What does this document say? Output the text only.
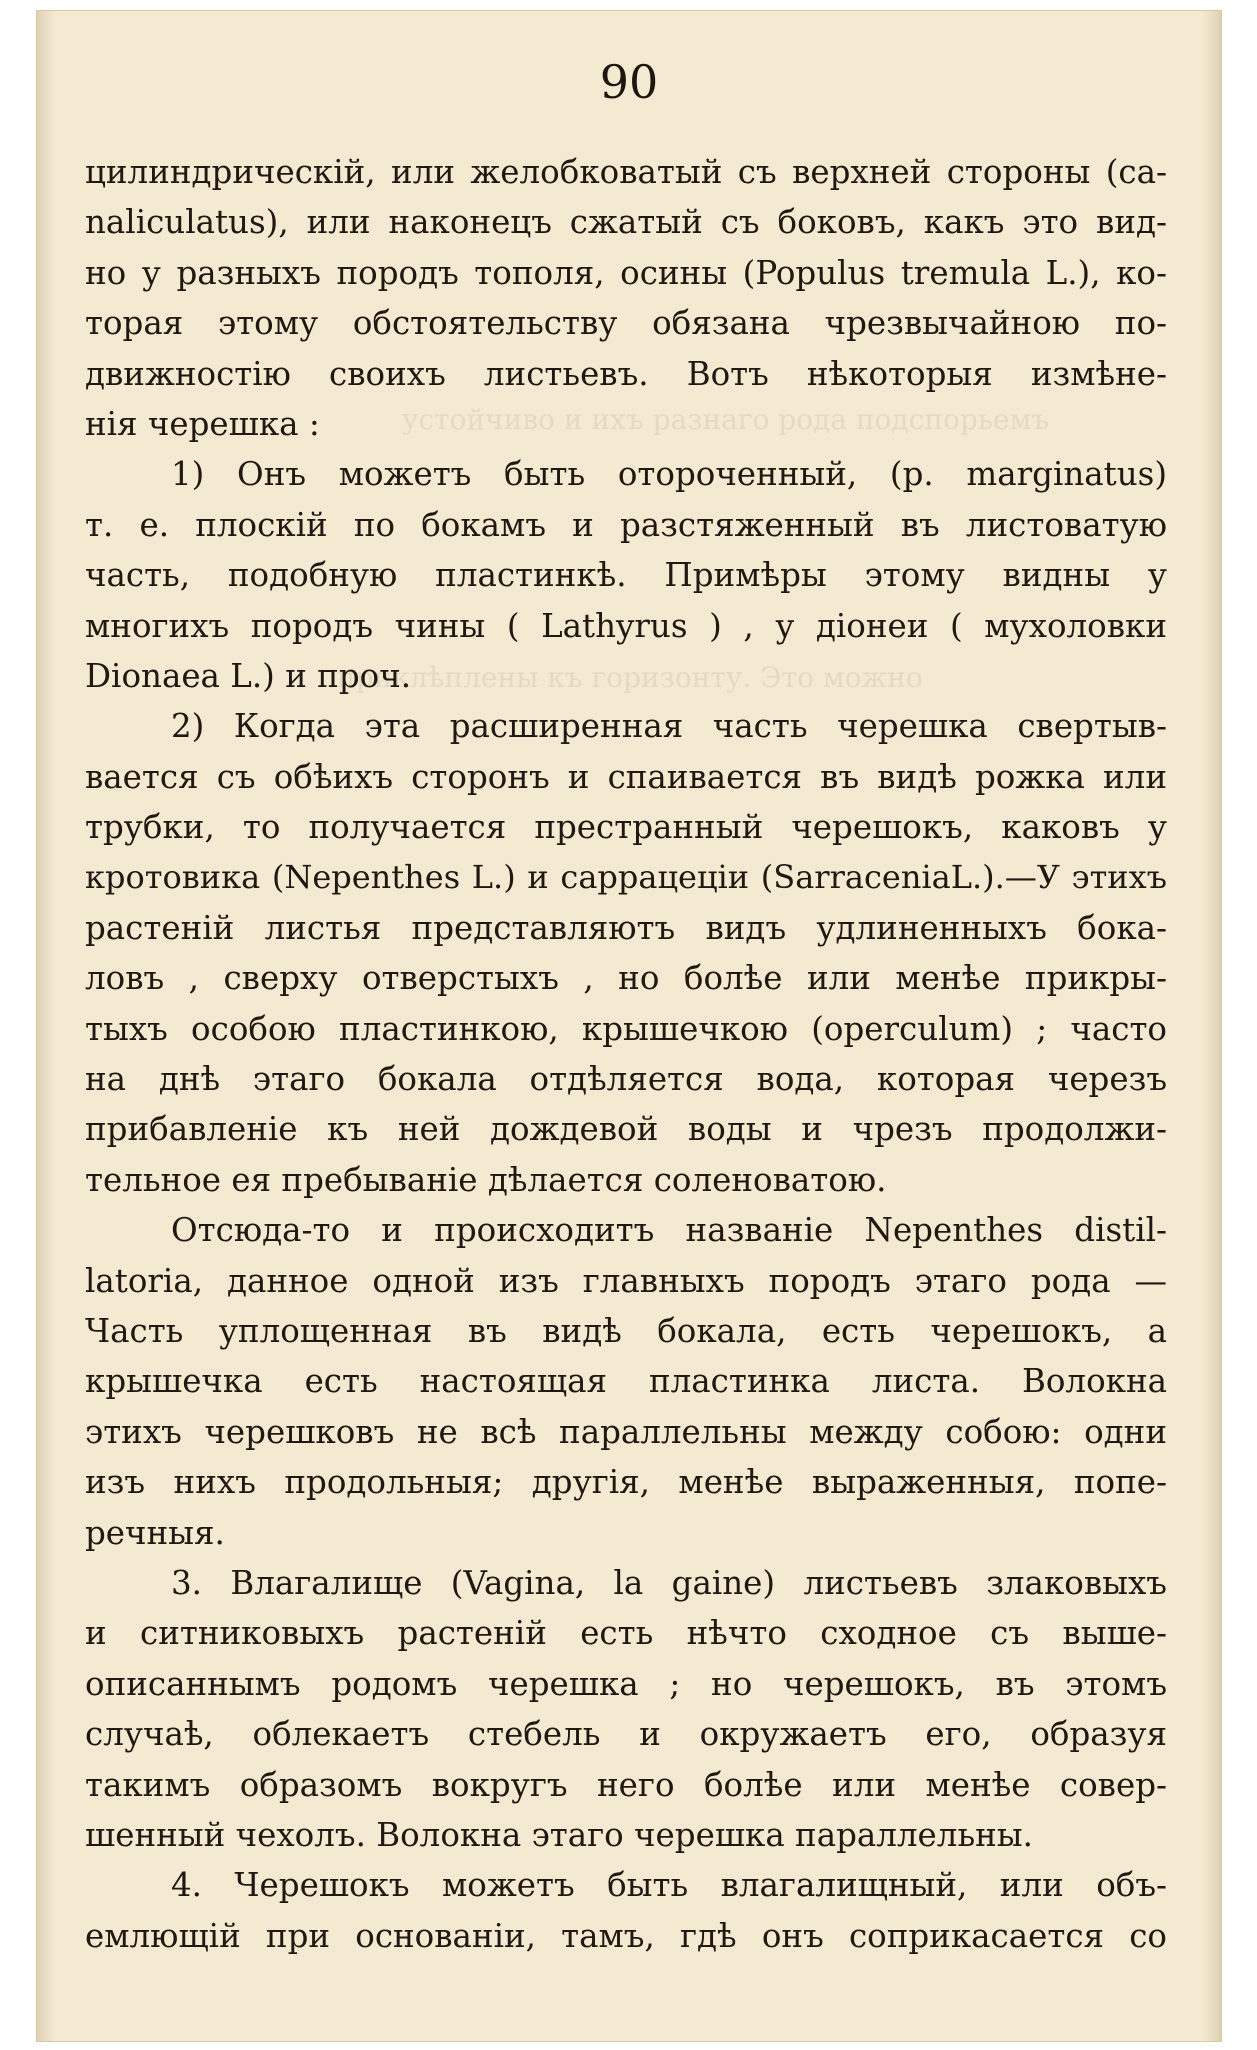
устойчиво и ихъ разнаго рода подспорьемъ
приклѣплены къ горизонту. Это можно
90
цилиндрическій, или желобковатый съ верхней стороны (ca-
naliculatus), или наконецъ сжатый съ боковъ, какъ это вид-
но у разныхъ породъ тополя, осины (Populus tremula L.), ко-
торая этому обстоятельству обязана чрезвычайною по-
движностію своихъ листьевъ. Вотъ нѣкоторыя измѣне-
нія черешка :
1) Онъ можетъ быть отороченный, (p. marginatus)
т. е. плоскій по бокамъ и разстяженный въ листоватую
часть, подобную пластинкѣ. Примѣры этому видны у
многихъ породъ чины ( Lathyrus ) , у діонеи ( мухоловки
Dionaea L.) и проч.
2) Когда эта расширенная часть черешка свертыв-
вается съ обѣихъ сторонъ и спаивается въ видѣ рожка или
трубки, то получается престранный черешокъ, каковъ у
кротовика (Nepenthes L.) и саррацеціи (SarraceniaL.).—У этихъ
растеній листья представляютъ видъ удлиненныхъ бока-
ловъ , сверху отверстыхъ , но болѣе или менѣе прикры-
тыхъ особою пластинкою, крышечкою (operculum) ; часто
на днѣ этаго бокала отдѣляется вода, которая черезъ
прибавленіе къ ней дождевой воды и чрезъ продолжи-
тельное ея пребываніе дѣлается соленоватою.
Отсюда-то и происходитъ названіе Nepenthes distil-
latoria, данное одной изъ главныхъ породъ этаго рода —
Часть уплощенная въ видѣ бокала, есть черешокъ, а
крышечка есть настоящая пластинка листа. Волокна
этихъ черешковъ не всѣ параллельны между собою: одни
изъ нихъ продольныя; другія, менѣе выраженныя, попе-
речныя.
3. Влагалище (Vagina, la gaine) листьевъ злаковыхъ
и ситниковыхъ растеній есть нѣчто сходное съ выше-
описаннымъ родомъ черешка ; но черешокъ, въ этомъ
случаѣ, облекаетъ стебель и окружаетъ его, образуя
такимъ образомъ вокругъ него болѣе или менѣе совер-
шенный чехолъ. Волокна этаго черешка параллельны.
4. Черешокъ можетъ быть влагалищный, или объ-
емлющій при основаніи, тамъ, гдѣ онъ соприкасается со
